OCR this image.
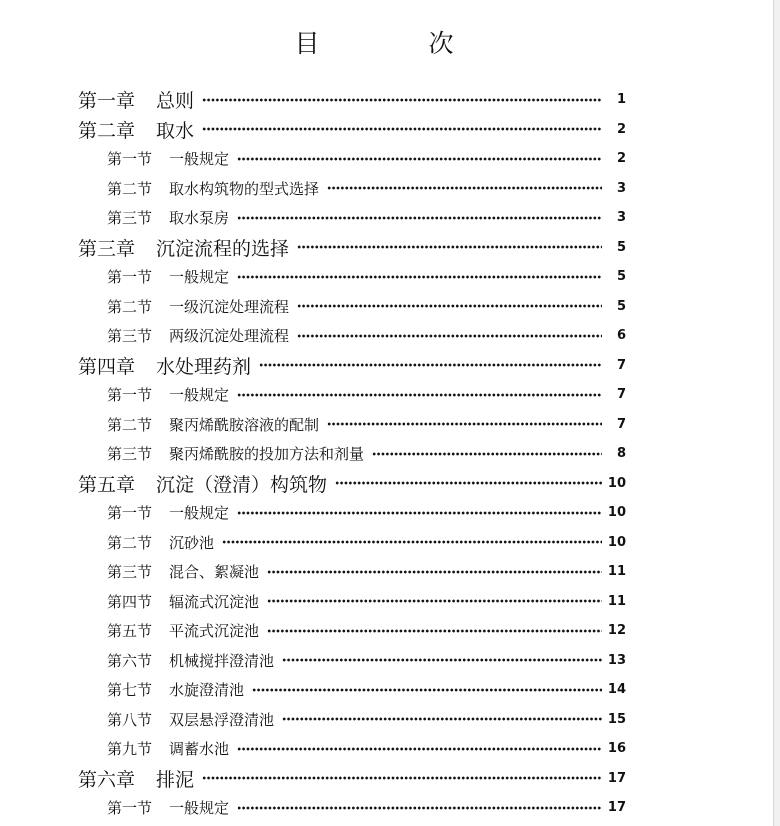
目　次
第一章 总则	1
第二章 取水	2
第一节 一般规定	2
第二节 取水构筑物的型式选择	3
第三节 取水泵房	3
第三章 沉淀流程的选择	5
第一节 一般规定	5
第二节 一级沉淀处理流程	5
第三节 两级沉淀处理流程	6
第四章 水处理药剂	7
第一节 一般规定	7
第二节 聚丙烯酰胺溶液的配制	7
第三节 聚丙烯酰胺的投加方法和剂量	8
第五章 沉淀（澄清）构筑物	10
第一节 一般规定	10
第二节 沉砂池	10
第三节 混合、絮凝池	11
第四节 辐流式沉淀池	11
第五节 平流式沉淀池	12
第六节 机械搅拌澄清池	13
第七节 水旋澄清池	14
第八节 双层悬浮澄清池	15
第九节 调蓄水池	16
第六章 排泥	17
第一节 一般规定	17
